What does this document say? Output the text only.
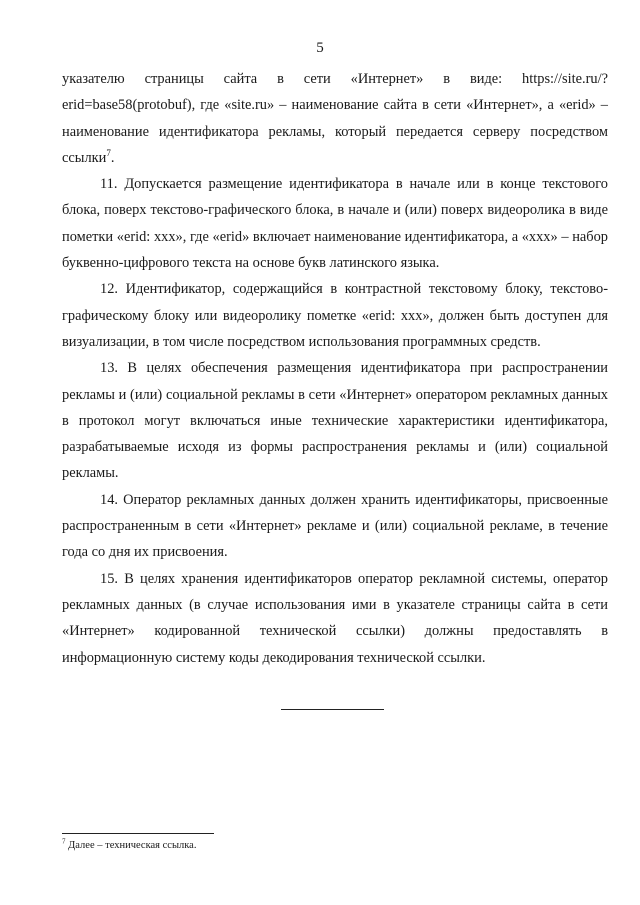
5

указателю страницы сайта в сети «Интернет» в виде: https://site.ru/?erid=base58(protobuf), где «site.ru» – наименование сайта в сети «Интернет», а «erid» – наименование идентификатора рекламы, который передается серверу посредством ссылки$^7$.

11. Допускается размещение идентификатора в начале или в конце текстового блока, поверх текстово-графического блока, в начале и (или) поверх видеоролика в виде пометки «erid: xxx», где «erid» включает наименование идентификатора, а «xxx» – набор буквенно-цифрового текста на основе букв латинского языка.

12. Идентификатор, содержащийся в контрастной текстовому блоку, текстово-графическому блоку или видеоролику пометке «erid: xxx», должен быть доступен для визуализации, в том числе посредством использования программных средств.

13. В целях обеспечения размещения идентификатора при распространении рекламы и (или) социальной рекламы в сети «Интернет» оператором рекламных данных в протокол могут включаться иные технические характеристики идентификатора, разрабатываемые исходя из формы распространения рекламы и (или) социальной рекламы.

14. Оператор рекламных данных должен хранить идентификаторы, присвоенные распространенным в сети «Интернет» рекламе и (или) социальной рекламе, в течение года со дня их присвоения.

15. В целях хранения идентификаторов оператор рекламной системы, оператор рекламных данных (в случае использования ими в указателе страницы сайта в сети «Интернет» кодированной технической ссылки) должны предоставлять в информационную систему коды декодирования технической ссылки.

$^7$ Далее – техническая ссылка.
